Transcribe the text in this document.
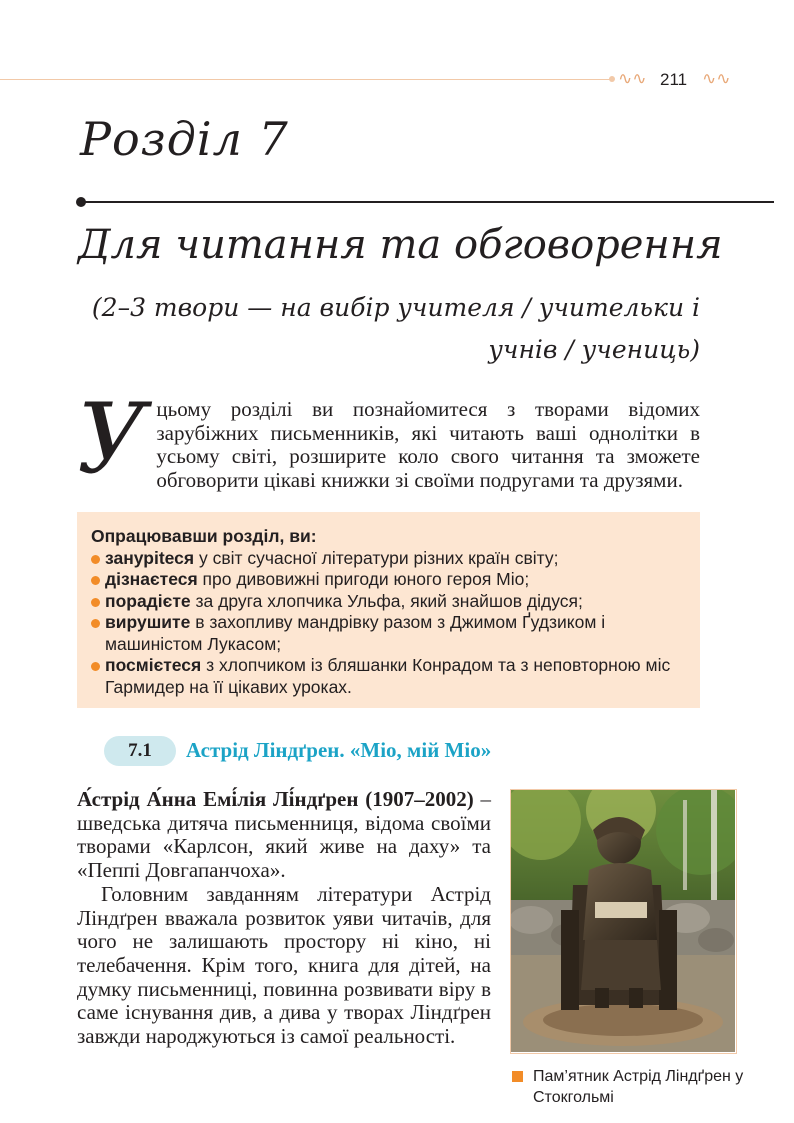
∿∿ 211 ∿∿
Розділ 7
Для читання та обговорення
(2–3 твори — на вибір учителя / учительки і учнів / учениць)
У цьому розділі ви познайомитеся з творами відомих зарубіжних письменників, які читають ваші однолітки в усьому світі, розширите коло свого читання та зможете обговорити цікаві книжки зі своїми подругами та друзями.
Опрацювавши розділ, ви:
занурitеся у світ сучасної літератури різних країн світу;
дізнаєтеся про дивовижні пригоди юного героя Міо;
порадієте за друга хлопчика Ульфа, який знайшов дідуся;
вирушите в захопливу мандрівку разом з Джимом Ґудзиком і машиністом Лукасом;
посмієтеся з хлопчиком із бляшанки Конрадом та з неповторною міс Гармидер на її цікавих уроках.
7.1	Астрід Ліндґрен. «Міо, мій Міо»

А́стрід А́нна Емі́лія Лі́ндґрен (1907–2002) – шведська дитяча письменниця, відома своїми творами «Карлсон, який живе на даху» та «Пеппі Довгапанчоха».

Головним завданням літератури Астрід Ліндґрен вважала розвиток уяви читачів, для чого не залишають простору ні кіно, ні телебачення. Крім того, книга для дітей, на думку письменниці, повинна розвивати віру в саме існування див, а дива у творах Ліндґрен завжди народжуються із самої реальності.

Пам’ятник Астрід Ліндґрен у Стокгольмі
